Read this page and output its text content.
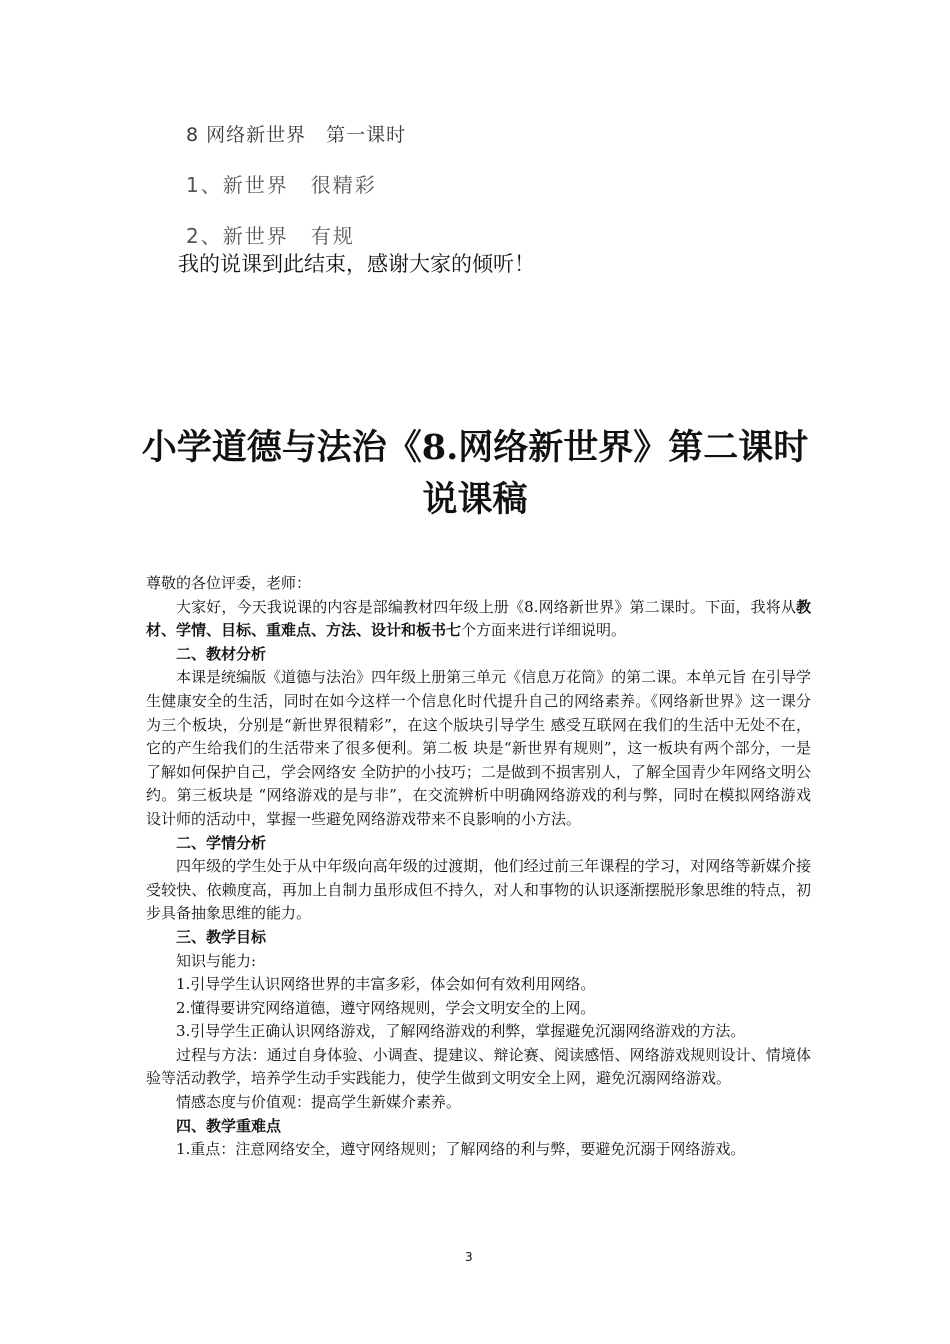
8 网络新世界　第一课时

1、新世界　很精彩

2、新世界　有规

我的说课到此结束，感谢大家的倾听！
小学道德与法治《8.网络新世界》第二课时
说课稿

尊敬的各位评委，老师：

大家好，今天我说课的内容是部编教材四年级上册《8.网络新世界》第二课时。下面，我将从教材、学情、目标、重难点、方法、设计和板书七个方面来进行详细说明。

二、教材分析

本课是统编版《道德与法治》四年级上册第三单元《信息万花筒》的第二课。本单元旨 在引导学生健康安全的生活，同时在如今这样一个信息化时代提升自己的网络素养。《网络新世界》这一课分为三个板块，分别是“新世界很精彩”，在这个版块引导学生 感受互联网在我们的生活中无处不在，它的产生给我们的生活带来了很多便利。第二板 块是“新世界有规则”，这一板块有两个部分，一是了解如何保护自己，学会网络安 全防护的小技巧；二是做到不损害别人，了解全国青少年网络文明公约。第三板块是 “网络游戏的是与非”，在交流辨析中明确网络游戏的利与弊，同时在模拟网络游戏 设计师的活动中，掌握一些避免网络游戏带来不良影响的小方法。

二、学情分析

四年级的学生处于从中年级向高年级的过渡期，他们经过前三年课程的学习，对网络等新媒介接受较快、依赖度高，再加上自制力虽形成但不持久，对人和事物的认识逐渐摆脱形象思维的特点，初步具备抽象思维的能力。

三、教学目标

知识与能力:

1.引导学生认识网络世界的丰富多彩，体会如何有效利用网络。

2.懂得要讲究网络道德，遵守网络规则，学会文明安全的上网。

3.引导学生正确认识网络游戏，了解网络游戏的利弊，掌握避免沉溺网络游戏的方法。

过程与方法：通过自身体验、小调查、提建议、辩论赛、阅读感悟、网络游戏规则设计、情境体验等活动教学，培养学生动手实践能力，使学生做到文明安全上网，避免沉溺网络游戏。

情感态度与价值观：提高学生新媒介素养。

四、教学重难点

1.重点：注意网络安全，遵守网络规则；了解网络的利与弊，要避免沉溺于网络游戏。

3
